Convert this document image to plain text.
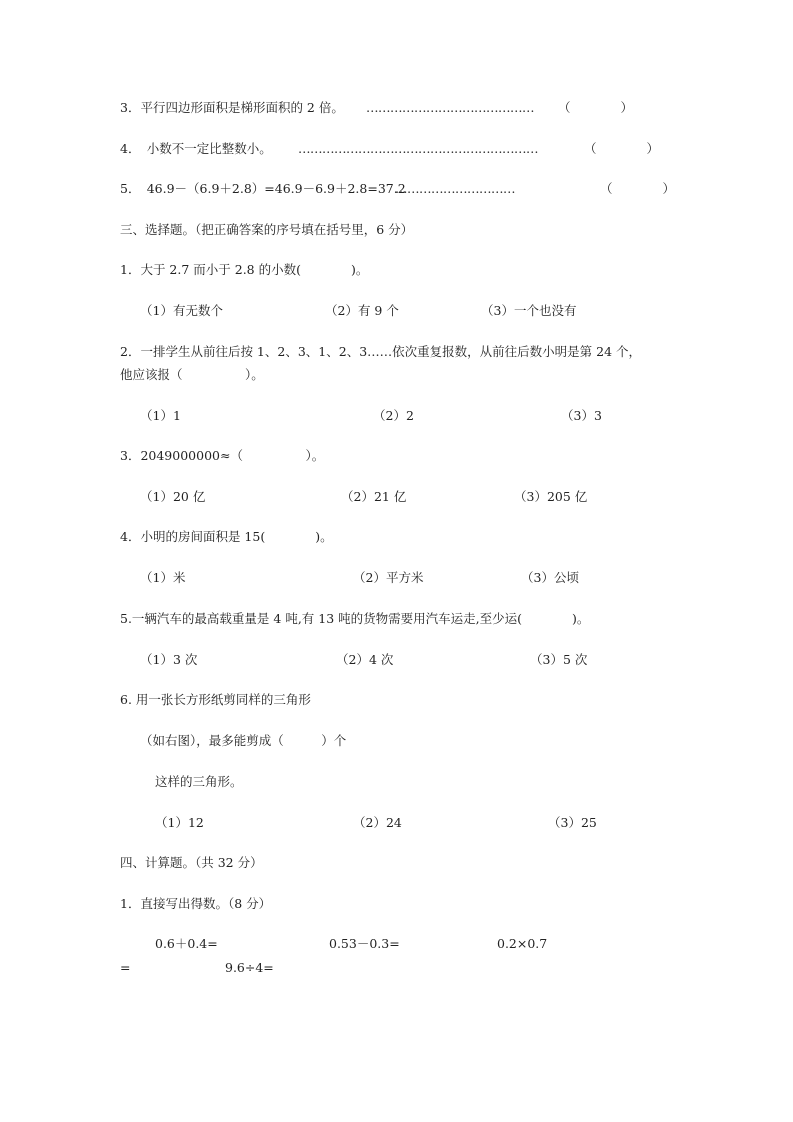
3．平行四边形面积是梯形面积的 2 倍。 …………………………………… （　　　　）
4．　小数不一定比整数小。 ……………………………………………………	（　　　　）
5．　46.9－（6.9＋2.8）=46.9－6.9＋2.8=37.2
…………………………	（　　　　）
三、选择题。（把正确答案的序号填在括号里，6 分）
1．大于 2.7 而小于 2.8 的小数(　　　　)。
（1）有无数个	（2）有 9 个	（3）一个也没有
2．一排学生从前往后按 1、2、3、1、2、3……依次重复报数，从前往后数小明是第 24 个，
他应该报（　　　　　）。
（1）1	（2）2	（3）3
3．2049000000≈（　　　　　）。
（1）20 亿	（2）21 亿	（3）205 亿
4．小明的房间面积是 15(　　　　)。
（1）米	（2）平方米	（3）公顷
5.一辆汽车的最高载重量是 4 吨,有 13 吨的货物需要用汽车运走,至少运(　　　　)。
（1）3 次	（2）4 次	（3）5 次
6. 用一张长方形纸剪同样的三角形
（如右图），最多能剪成（　　　）个
这样的三角形。
（1）12	（2）24	（3）25
四、计算题。（共 32 分）
1．直接写出得数。（8 分）
0.6＋0.4=	0.53－0.3=	0.2×0.7
=	9.6÷4=
